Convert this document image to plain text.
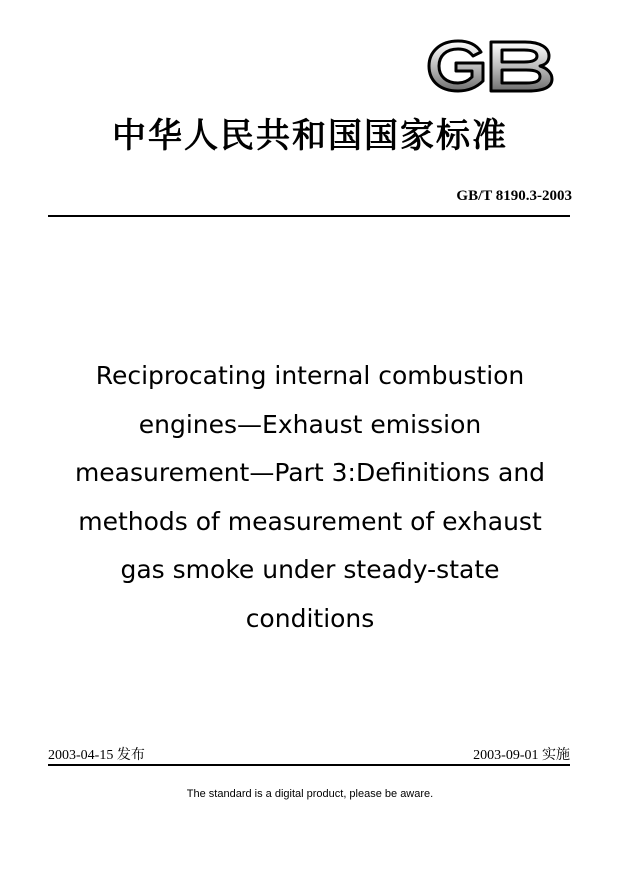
中华人民共和国国家标准
GB/T 8190.3-2003
Reciprocating internal combustion
engines—Exhaust emission
measurement—Part 3:Definitions and
methods of measurement of exhaust
gas smoke under steady-state
conditions
2003-04-15 发布	2003-09-01 实施
The standard is a digital product, please be aware.
